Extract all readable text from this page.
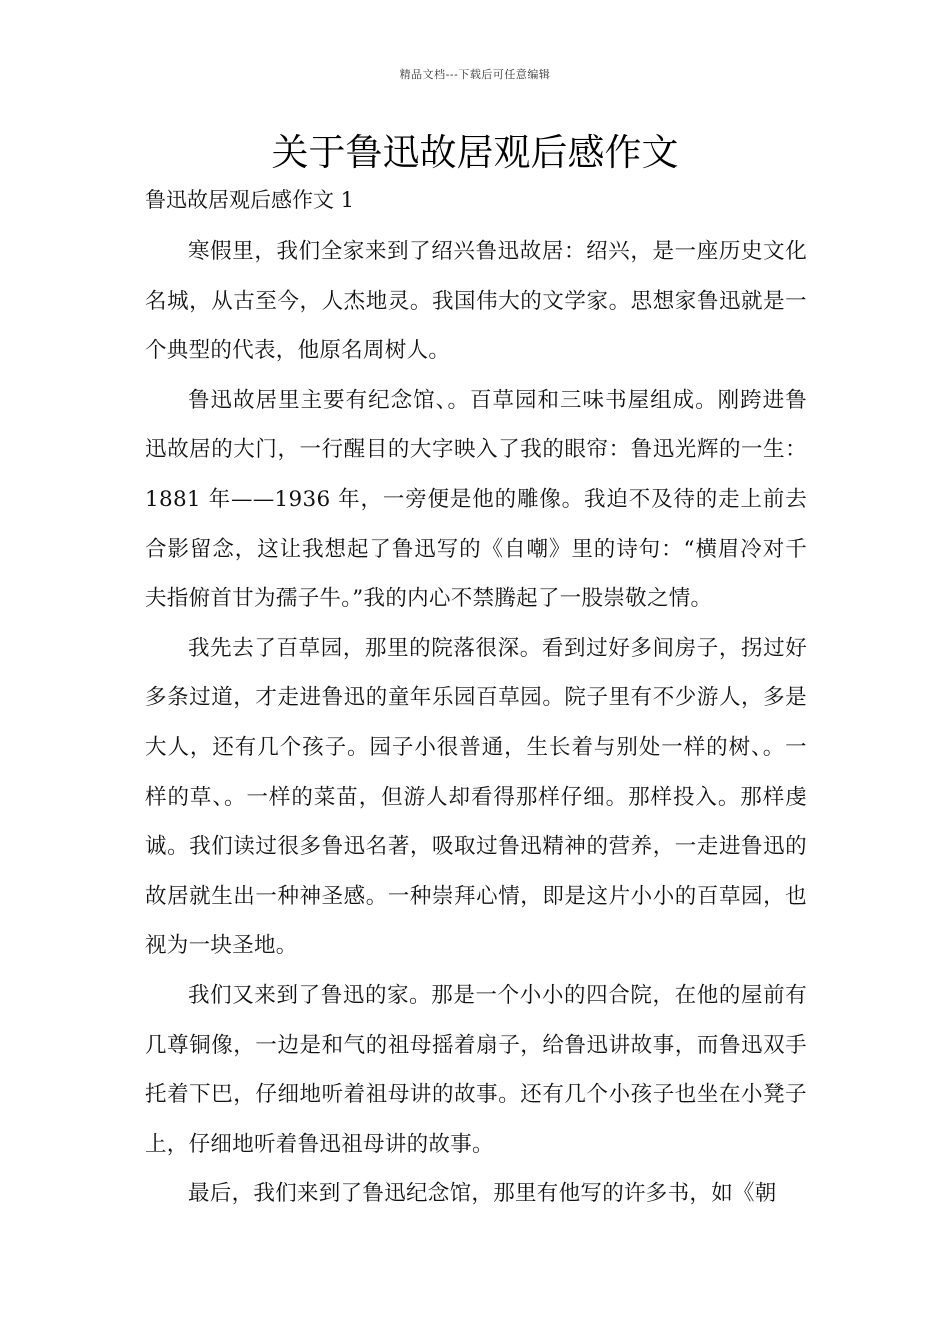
精品文档---下载后可任意编辑
关于鲁迅故居观后感作文

鲁迅故居观后感作文 1

寒假里，我们全家来到了绍兴鲁迅故居：绍兴，是一座历史文化名城，从古至今，人杰地灵。我国伟大的文学家。思想家鲁迅就是一个典型的代表，他原名周树人。

鲁迅故居里主要有纪念馆、。百草园和三味书屋组成。刚跨进鲁迅故居的大门，一行醒目的大字映入了我的眼帘：鲁迅光辉的一生：1881 年——1936 年，一旁便是他的雕像。我迫不及待的走上前去合影留念，这让我想起了鲁迅写的《自嘲》里的诗句：“横眉冷对千夫指俯首甘为孺子牛。”我的内心不禁腾起了一股崇敬之情。

我先去了百草园，那里的院落很深。看到过好多间房子，拐过好多条过道，才走进鲁迅的童年乐园百草园。院子里有不少游人，多是大人，还有几个孩子。园子小很普通，生长着与别处一样的树、。一样的草、。一样的菜苗，但游人却看得那样仔细。那样投入。那样虔诚。我们读过很多鲁迅名著，吸取过鲁迅精神的营养，一走进鲁迅的故居就生出一种神圣感。一种崇拜心情，即是这片小小的百草园，也视为一块圣地。

我们又来到了鲁迅的家。那是一个小小的四合院，在他的屋前有几尊铜像，一边是和气的祖母摇着扇子，给鲁迅讲故事，而鲁迅双手托着下巴，仔细地听着祖母讲的故事。还有几个小孩子也坐在小凳子上，仔细地听着鲁迅祖母讲的故事。

最后，我们来到了鲁迅纪念馆，那里有他写的许多书，如《朝
